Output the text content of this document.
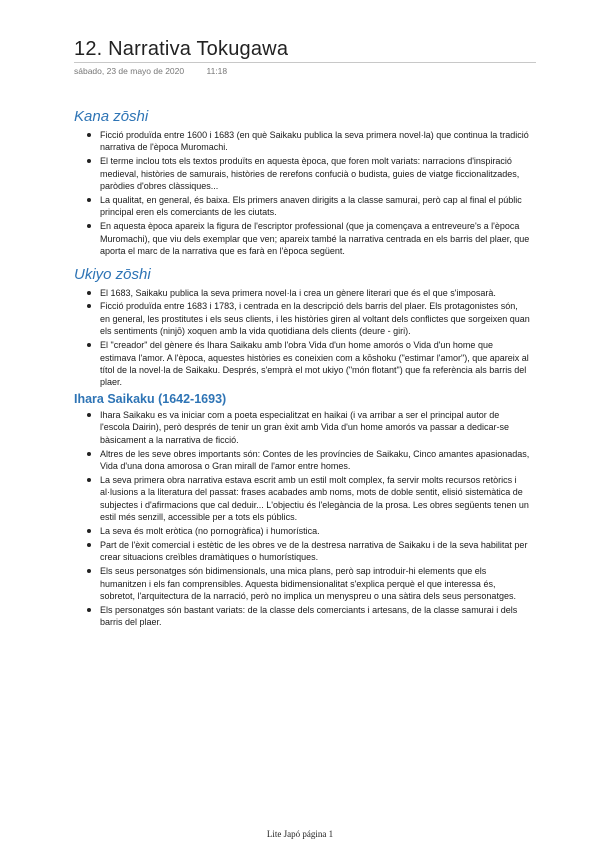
12. Narrativa Tokugawa
sábado, 23 de mayo de 2020	11:18
Kana zōshi
Ficció produïda entre 1600 i 1683 (en què Saikaku publica la seva primera novel·la) que continua la tradició narrativa de l'època Muromachi.
El terme inclou tots els textos produïts en aquesta època, que foren molt variats: narracions d'inspiració medieval, històries de samurais, històries de rerefons confucià o budista, guies de viatge ficcionalitzades, paròdies d'obres clàssiques...
La qualitat, en general, és baixa. Els primers anaven dirigits a la classe samurai, però cap al final el públic principal eren els comerciants de les ciutats.
En aquesta època apareix la figura de l'escriptor professional (que ja començava a entreveure's a l'època Muromachi), que viu dels exemplar que ven; apareix també la narrativa centrada en els barris del plaer, que aporta el marc de la narrativa que es farà en l'època següent.
Ukiyo zōshi
El 1683, Saikaku publica la seva primera novel·la i crea un gènere literari que és el que s'imposarà.
Ficció produïda entre 1683 i 1783, i centrada en la descripció dels barris del plaer. Els protagonistes són, en general, les prostitutes i els seus clients, i les històries giren al voltant dels conflictes que sorgeixen quan els sentiments (ninjō) xoquen amb la vida quotidiana dels clients (deure - giri).
El "creador" del gènere és Ihara Saikaku amb l'obra Vida d'un home amorós o Vida d'un home que estimava l'amor. A l'època, aquestes històries es coneixien com a kōshoku ("estimar l'amor"), que apareix al títol de la novel·la de Saikaku. Després, s'emprà el mot ukiyo ("món flotant") que fa referència als barris del plaer.
Ihara Saikaku (1642-1693)
Ihara Saikaku es va iniciar com a poeta especialitzat en haikai (i va arribar a ser el principal autor de l'escola Dairin), però després de tenir un gran èxit amb Vida d'un home amorós va passar a dedicar-se bàsicament a la narrativa de ficció.
Altres de les seve obres importants són: Contes de les províncies de Saikaku, Cinco amantes apasionadas, Vida d'una dona amorosa o Gran mirall de l'amor entre homes.
La seva primera obra narrativa estava escrit amb un estil molt complex, fa servir molts recursos retòrics i al·lusions a la literatura del passat: frases acabades amb noms, mots de doble sentit, elisió sistemàtica de subjectes i d'afirmacions que cal deduir... L'objectiu és l'elegància de la prosa. Les obres següents tenen un estil més senzill, accessible per a tots els públics.
La seva és molt eròtica (no pornogràfica) i humorística.
Part de l'èxit comercial i estètic de les obres ve de la destresa narrativa de Saikaku i de la seva habilitat per crear situacions creïbles dramàtiques o humorístiques.
Els seus personatges són bidimensionals, una mica plans, però sap introduir-hi elements que els humanitzen i els fan comprensibles. Aquesta bidimensionalitat s'explica perquè el que interessa és, sobretot, l'arquitectura de la narració, però no implica un menyspreu o una sàtira dels seus personatges.
Els personatges són bastant variats: de la classe dels comerciants i artesans, de la classe samurai i dels barris del plaer.
Lite Japó página 1
